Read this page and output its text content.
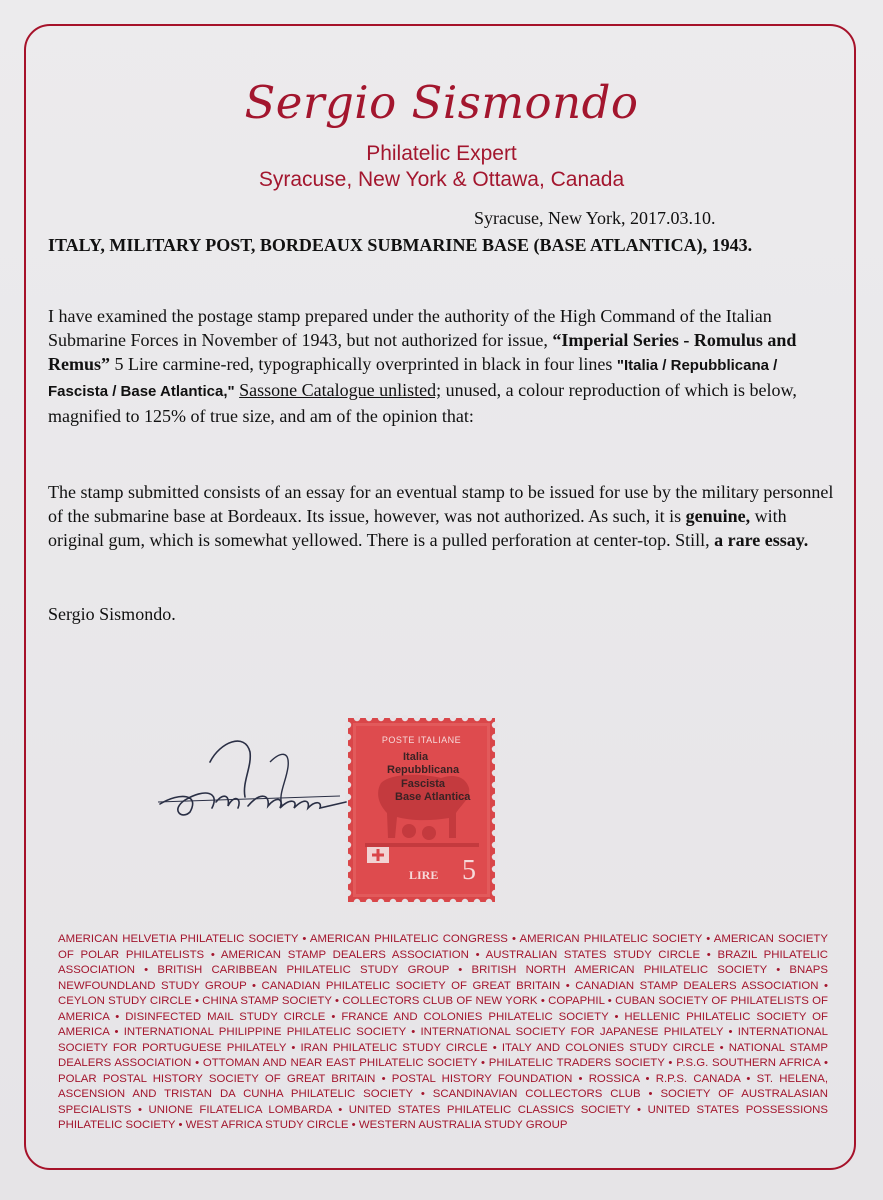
Sergio Sismondo
Philatelic Expert
Syracuse, New York & Ottawa, Canada
Syracuse, New York, 2017.03.10.
ITALY, MILITARY POST, BORDEAUX SUBMARINE BASE (BASE ATLANTICA), 1943.
I have examined the postage stamp prepared under the authority of the High Command of the Italian Submarine Forces in November of 1943, but not authorized for issue, “Imperial Series - Romulus and Remus” 5 Lire carmine-red, typographically overprinted in black in four lines "Italia / Repubblicana / Fascista / Base Atlantica," Sassone Catalogue unlisted; unused, a colour reproduction of which is below, magnified to 125% of true size, and am of the opinion that:
The stamp submitted consists of an essay for an eventual stamp to be issued for use by the military personnel of the submarine base at Bordeaux. Its issue, however, was not authorized. As such, it is genuine, with original gum, which is somewhat yellowed. There is a pulled perforation at center-top. Still, a rare essay.
Sergio Sismondo.
POSTE ITALIANE
Italia
Repubblicana
Fascista
Base Atlantica
LIRE 5
AMERICAN HELVETIA PHILATELIC SOCIETY • AMERICAN PHILATELIC CONGRESS • AMERICAN PHILATELIC SOCIETY • AMERICAN SOCIETY OF POLAR PHILATELISTS • AMERICAN STAMP DEALERS ASSOCIATION • AUSTRALIAN STATES STUDY CIRCLE • BRAZIL PHILATELIC ASSOCIATION • BRITISH CARIBBEAN PHILATELIC STUDY GROUP • BRITISH NORTH AMERICAN PHILATELIC SOCIETY • BNAPS NEWFOUNDLAND STUDY GROUP • CANADIAN PHILATELIC SOCIETY OF GREAT BRITAIN • CANADIAN STAMP DEALERS ASSOCIATION • CEYLON STUDY CIRCLE • CHINA STAMP SOCIETY • COLLECTORS CLUB OF NEW YORK • COPAPHIL • CUBAN SOCIETY OF PHILATELISTS OF AMERICA • DISINFECTED MAIL STUDY CIRCLE • FRANCE AND COLONIES PHILATELIC SOCIETY • HELLENIC PHILATELIC SOCIETY OF AMERICA • INTERNATIONAL PHILIPPINE PHILATELIC SOCIETY • INTERNATIONAL SOCIETY FOR JAPANESE PHILATELY • INTERNATIONAL SOCIETY FOR PORTUGUESE PHILATELY • IRAN PHILATELIC STUDY CIRCLE • ITALY AND COLONIES STUDY CIRCLE • NATIONAL STAMP DEALERS ASSOCIATION • OTTOMAN AND NEAR EAST PHILATELIC SOCIETY • PHILATELIC TRADERS SOCIETY • P.S.G. SOUTHERN AFRICA • POLAR POSTAL HISTORY SOCIETY OF GREAT BRITAIN • POSTAL HISTORY FOUNDATION • ROSSICA • R.P.S. CANADA • ST. HELENA, ASCENSION AND TRISTAN DA CUNHA PHILATELIC SOCIETY • SCANDINAVIAN COLLECTORS CLUB • SOCIETY OF AUSTRALASIAN SPECIALISTS • UNIONE FILATELICA LOMBARDA • UNITED STATES PHILATELIC CLASSICS SOCIETY • UNITED STATES POSSESSIONS PHILATELIC SOCIETY • WEST AFRICA STUDY CIRCLE • WESTERN AUSTRALIA STUDY GROUP
